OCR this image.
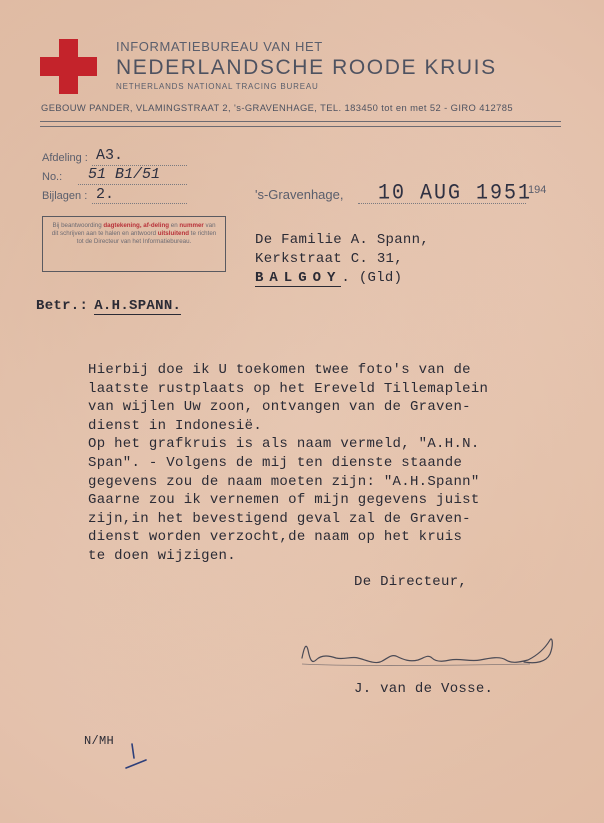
INFORMATIEBUREAU VAN HET
NEDERLANDSCHE ROODE KRUIS
NETHERLANDS NATIONAL TRACING BUREAU
GEBOUW PANDER, VLAMINGSTRAAT 2, 's-GRAVENHAGE, TEL. 183450 tot en met 52 - GIRO 412785
Afdeling : A3.
No.: 51 B1/51
Bijlagen : 2.	's-Gravenhage, 10 AUG 1951
194

Bij beantwoording dagtekening, af-deling en nummer van dit schrijven aan te halen en antwoord uitsluitend te richten tot de Directeur van het Informatiebureau.	De Familie A. Spann,
Kerkstraat C. 31,
BALGOY. (Gld)
Betr.: A.H.SPANN.
Hierbij doe ik U toekomen twee foto's van de
laatste rustplaats op het Ereveld Tillemaplein
van wijlen Uw zoon, ontvangen van de Graven-
dienst in Indonesië.
Op het grafkruis is als naam vermeld, "A.H.N.
Span". - Volgens de mij ten dienste staande
gegevens zou de naam moeten zijn: "A.H.Spann"
Gaarne zou ik vernemen of mijn gegevens juist
zijn,in het bevestigend geval zal de Graven-
dienst worden verzocht,de naam op het kruis
te doen wijzigen.
De Directeur,
J. van de Vosse.
N/MH
